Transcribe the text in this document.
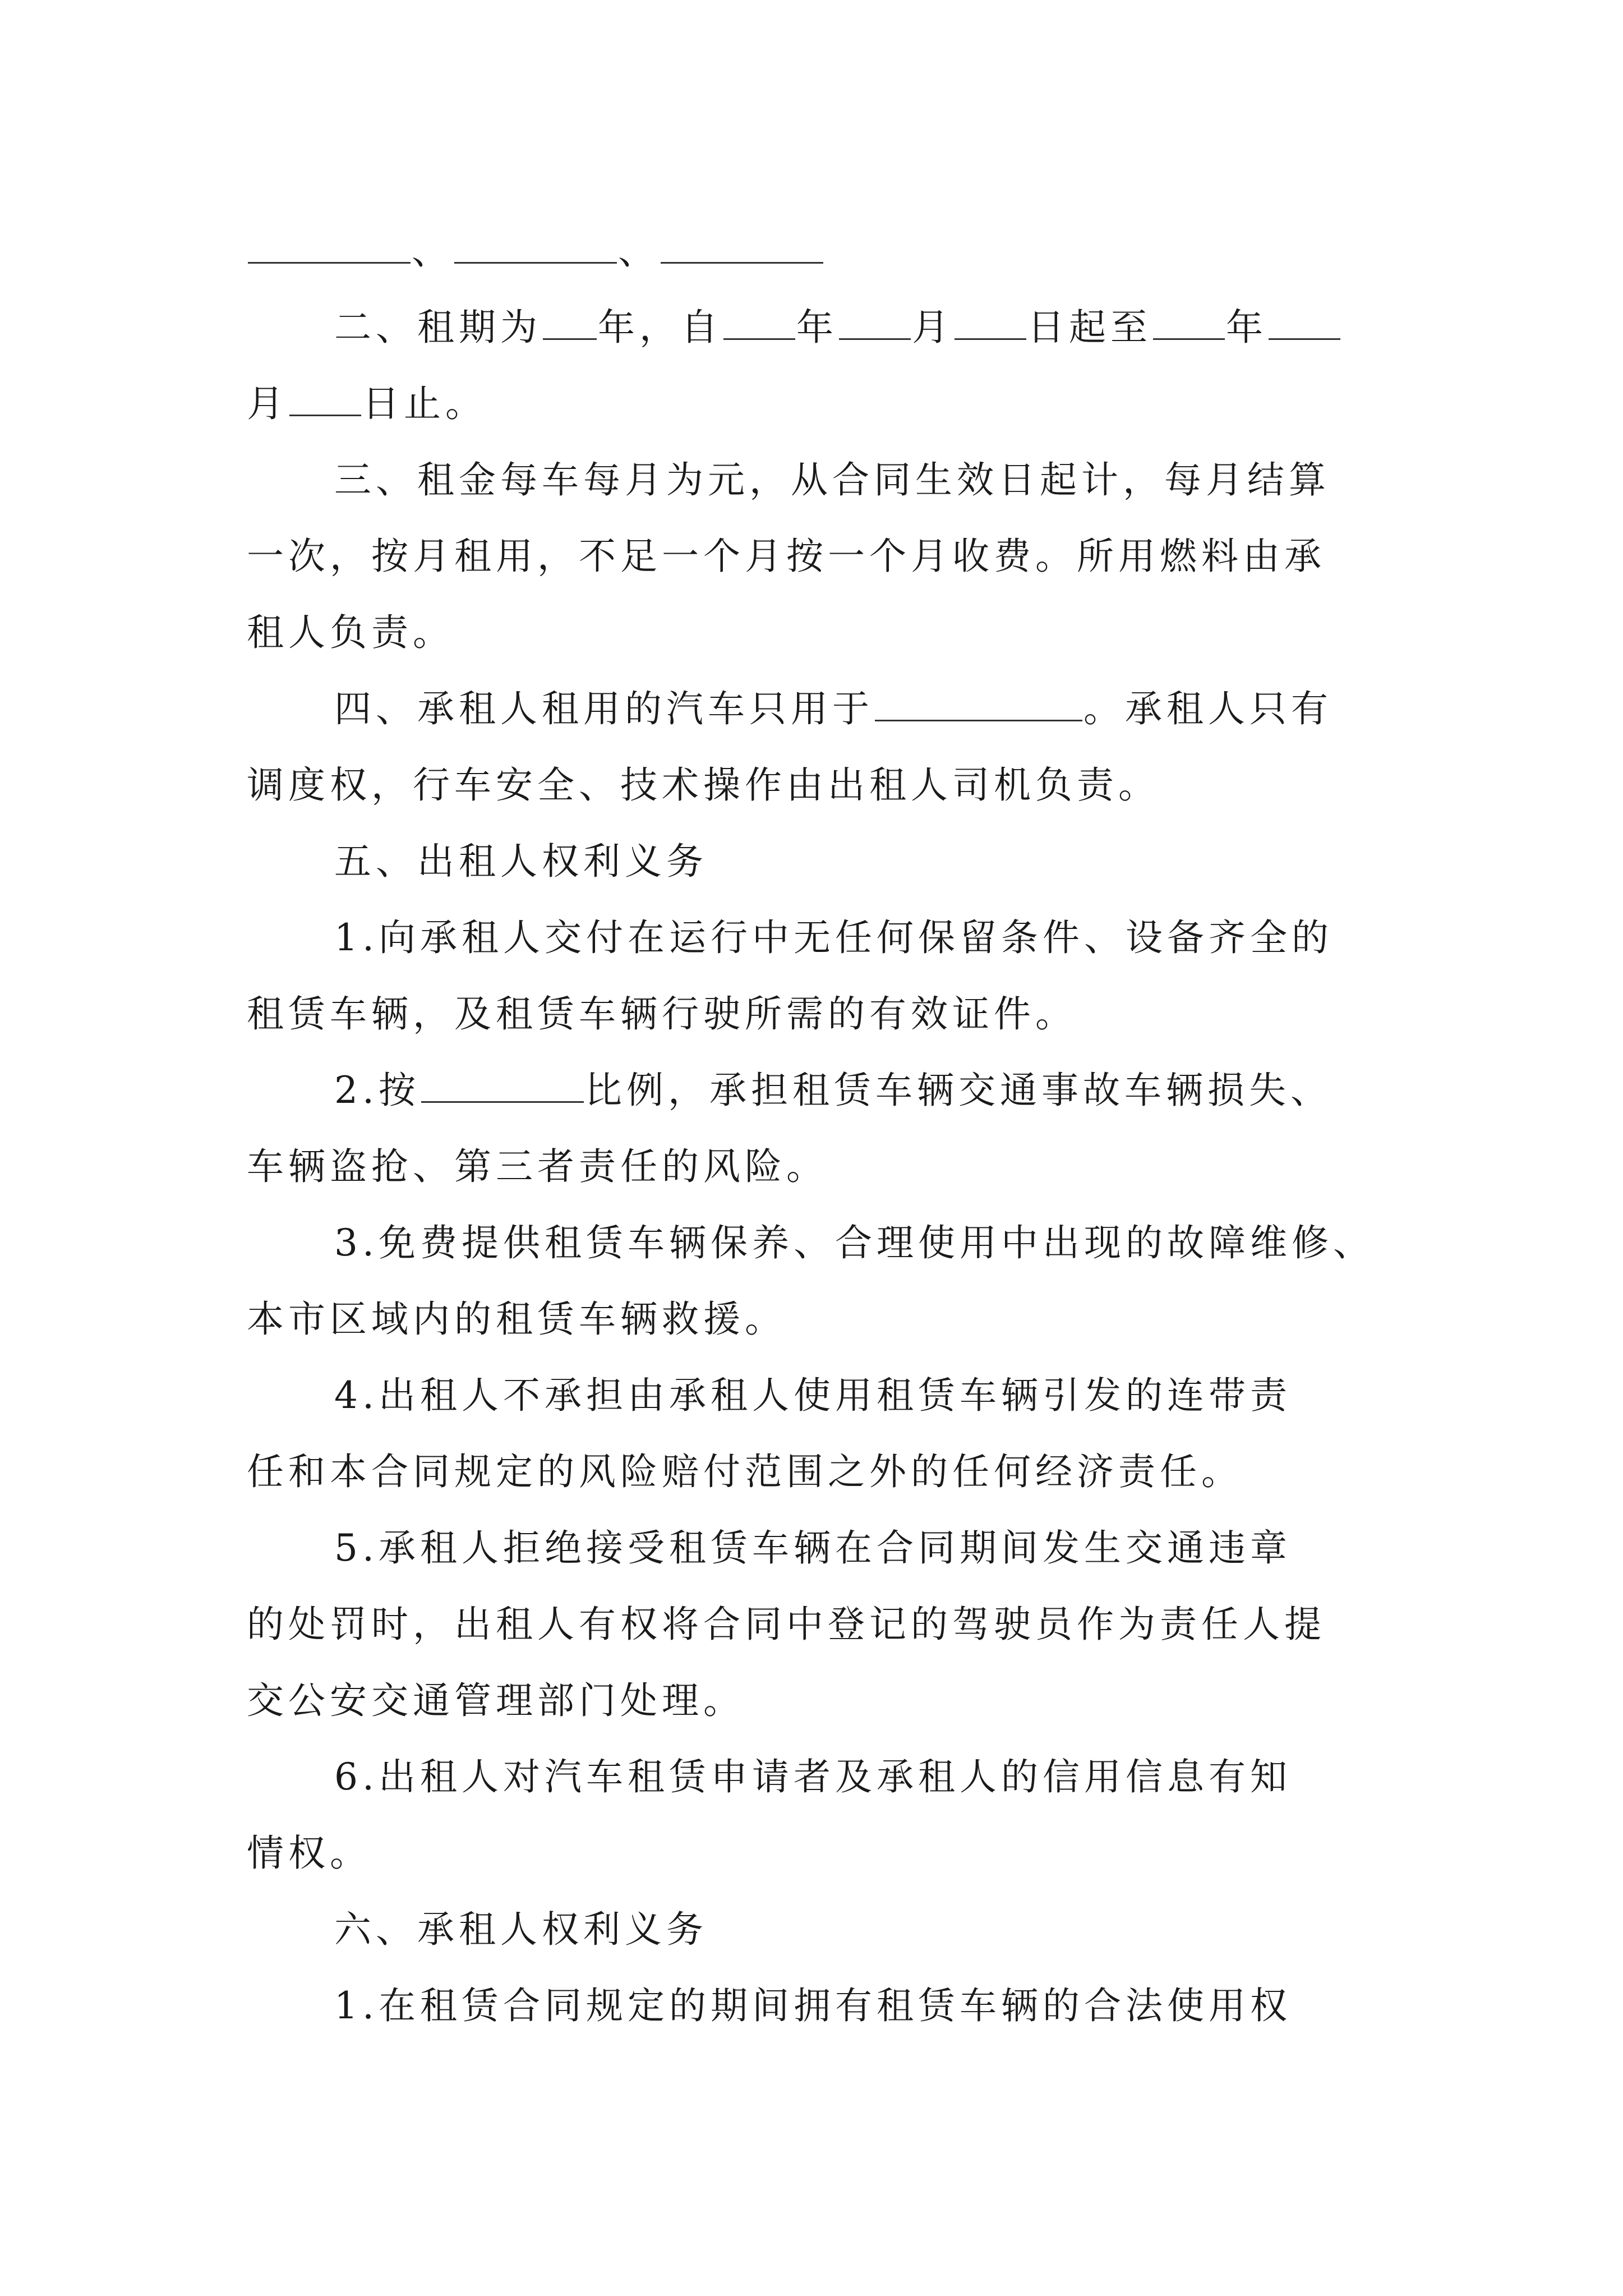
、	、
二、租期为 年，自 年 月 日起至 年
月 日止。
三、租金每车每月为元，从合同生效日起计，每月结算
一次，按月租用，不足一个月按一个月收费。所用燃料由承
租人负责。
四、承租人租用的汽车只用于	。承租人只有
调度权，行车安全、技术操作由出租人司机负责。
五、出租人权利义务
1.向承租人交付在运行中无任何保留条件、设备齐全的
租赁车辆，及租赁车辆行驶所需的有效证件。
2.按	比例，承担租赁车辆交通事故车辆损失、
车辆盗抢、第三者责任的风险。
3.免费提供租赁车辆保养、合理使用中出现的故障维修、
本市区域内的租赁车辆救援。
4.出租人不承担由承租人使用租赁车辆引发的连带责
任和本合同规定的风险赔付范围之外的任何经济责任。
5.承租人拒绝接受租赁车辆在合同期间发生交通违章
的处罚时，出租人有权将合同中登记的驾驶员作为责任人提
交公安交通管理部门处理。
6.出租人对汽车租赁申请者及承租人的信用信息有知
情权。
六、承租人权利义务
1.在租赁合同规定的期间拥有租赁车辆的合法使用权
